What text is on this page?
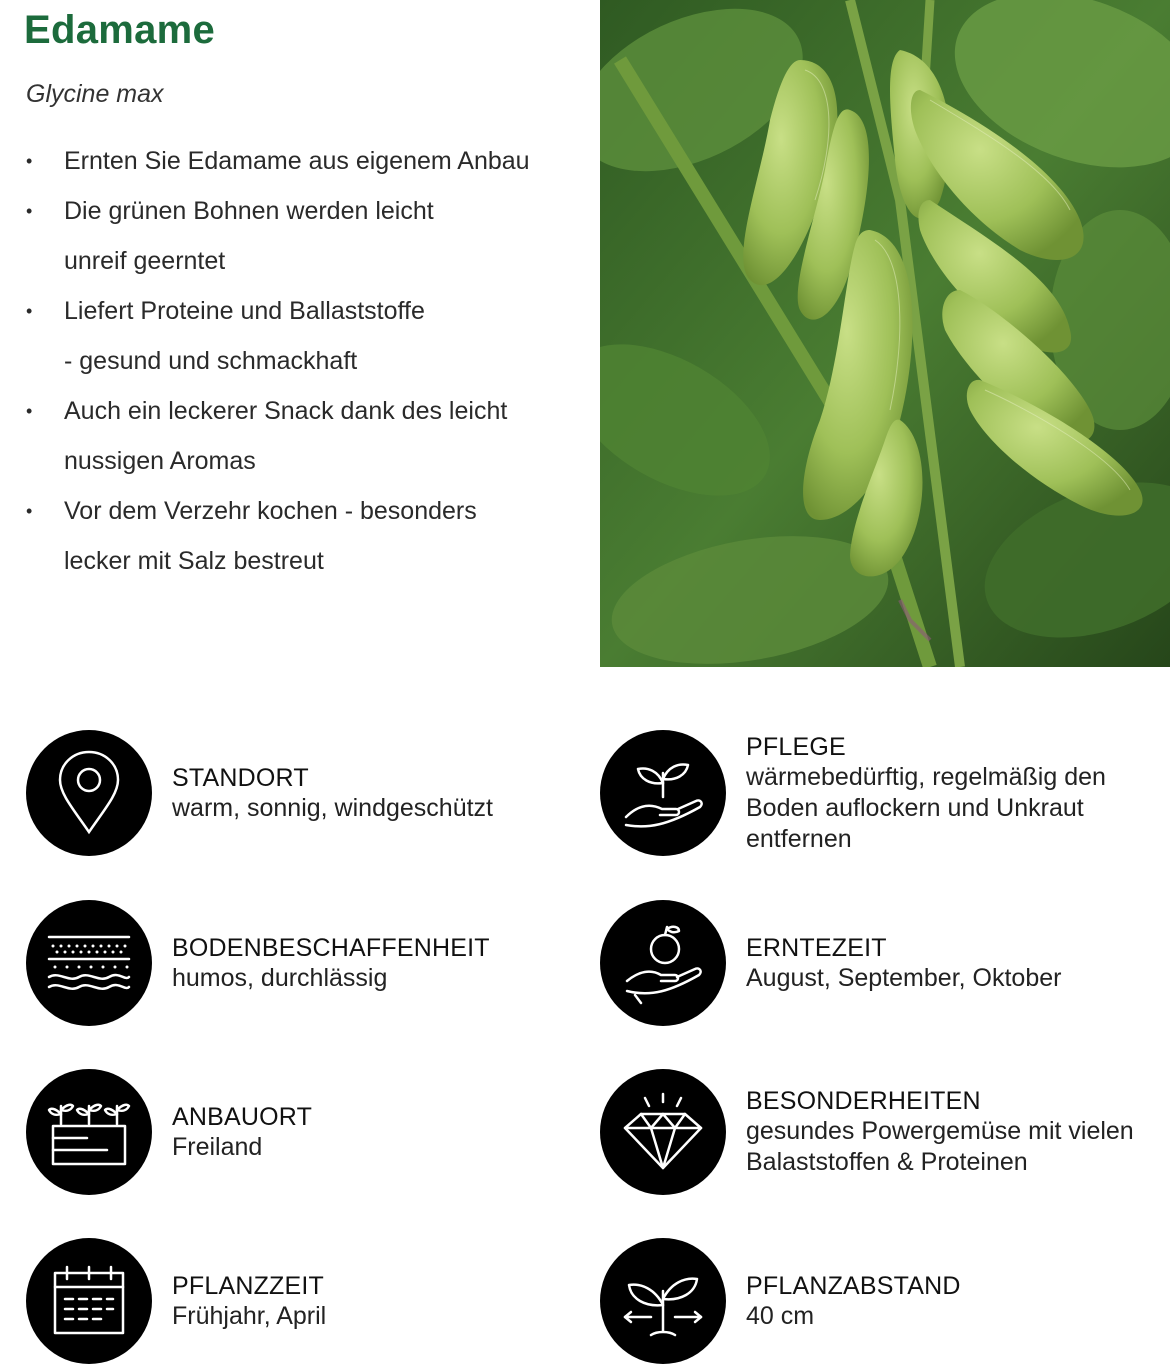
Edamame
Glycine max
• Ernten Sie Edamame aus eigenem Anbau
• Die grünen Bohnen werden leicht
unreif geerntet
• Liefert Proteine und Ballaststoffe
- gesund und schmackhaft
• Auch ein leckerer Snack dank des leicht
nussigen Aromas
• Vor dem Verzehr kochen - besonders
lecker mit Salz bestreut
STANDORT
warm, sonnig, windgeschützt
PFLEGE
wärmebedürftig, regelmäßig den Boden auflockern und Unkraut entfernen
BODENBESCHAFFENHEIT
humos, durchlässig
ERNTEZEIT
August, September, Oktober
ANBAUORT
Freiland
BESONDERHEITEN
gesundes Powergemüse mit vielen Balaststoffen & Proteinen
PFLANZZEIT
Frühjahr, April
PFLANZABSTAND
40 cm
